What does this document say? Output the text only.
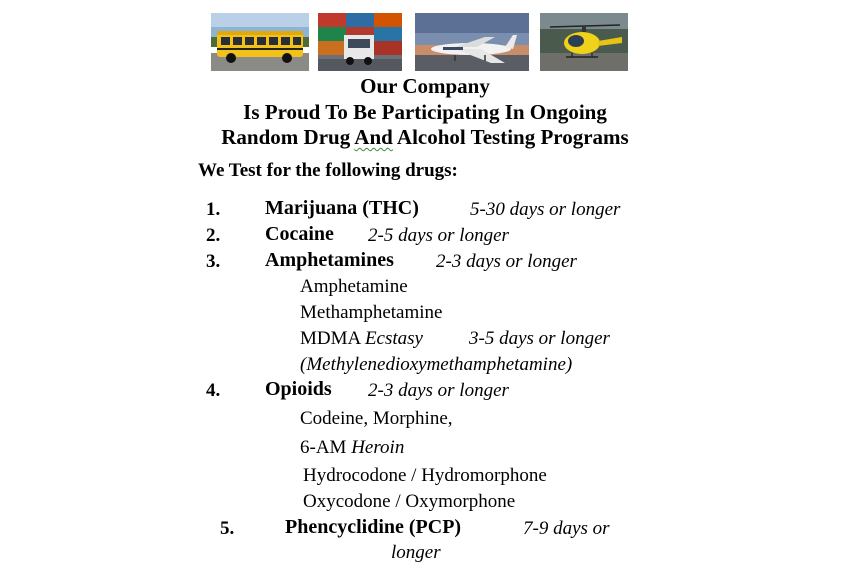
Our Company
Is Proud To Be Participating In Ongoing
Random Drug And Alcohol Testing Programs
We Test for the following drugs:
1. Marijuana (THC)	5-30 days or longer
2. Cocaine 2-5 days or longer
3. Amphetamines 2-3 days or longer
Amphetamine
Methamphetamine
MDMA Ecstasy 3-5 days or longer
(Methylenedioxymethamphetamine)
4. Opioids 2-3 days or longer
Codeine, Morphine,
6-AM Heroin
Hydrocodone / Hydromorphone
Oxycodone / Oxymorphone
5.	Phencyclidine (PCP)	7-9 days or
longer
